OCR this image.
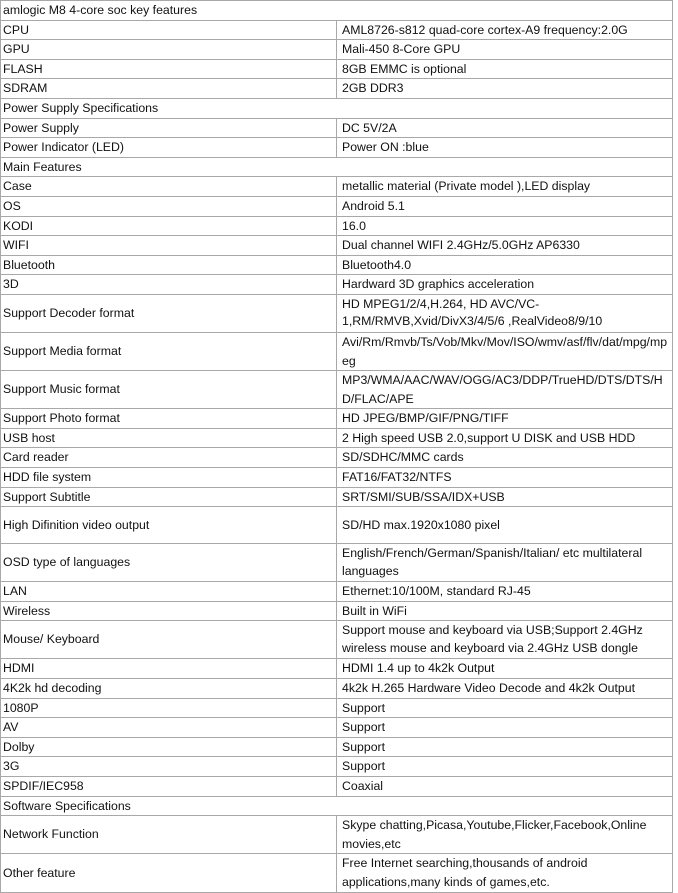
amlogic M8 4-core soc key features	
CPU	AML8726-s812 quad-core cortex-A9 frequency:2.0G
GPU	Mali-450 8-Core GPU
FLASH	8GB EMMC is optional
SDRAM	2GB DDR3
Power Supply Specifications	
Power Supply	DC 5V/2A
Power Indicator (LED)	Power ON :blue
Main Features	
Case	metallic material (Private model ),LED display
OS	Android 5.1
KODI	16.0
WIFI	Dual channel WIFI 2.4GHz/5.0GHz AP6330
Bluetooth	Bluetooth4.0
3D	Hardward 3D graphics acceleration
Support Decoder format	HD MPEG1/2/4,H.264, HD AVC/VC-1,RM/RMVB,Xvid/DivX3/4/5/6 ,RealVideo8/9/10
Support Media format	Avi/Rm/Rmvb/Ts/Vob/Mkv/Mov/ISO/wmv/asf/flv/dat/mpg/mpeg
Support Music format	MP3/WMA/AAC/WAV/OGG/AC3/DDP/TrueHD/DTS/DTS/HD/FLAC/APE
Support Photo format	HD JPEG/BMP/GIF/PNG/TIFF
USB host	2 High speed USB 2.0,support U DISK and USB HDD
Card reader	SD/SDHC/MMC cards
HDD file system	FAT16/FAT32/NTFS
Support Subtitle	SRT/SMI/SUB/SSA/IDX+USB
High Difinition video output	SD/HD max.1920x1080 pixel
OSD type of languages	English/French/German/Spanish/Italian/ etc multilateral languages
LAN	Ethernet:10/100M, standard RJ-45
Wireless	Built in WiFi
Mouse/ Keyboard	Support mouse and keyboard via USB;Support 2.4GHz wireless mouse and keyboard via 2.4GHz USB dongle
HDMI	HDMI 1.4 up to 4k2k Output
4K2k hd decoding	4k2k H.265 Hardware Video Decode and 4k2k Output
1080P	Support
AV	Support
Dolby	Support
3G	Support
SPDIF/IEC958	Coaxial
Software Specifications	
Network Function	Skype chatting,Picasa,Youtube,Flicker,Facebook,Online movies,etc
Other feature	Free Internet searching,thousands of android applications,many kinds of games,etc.
